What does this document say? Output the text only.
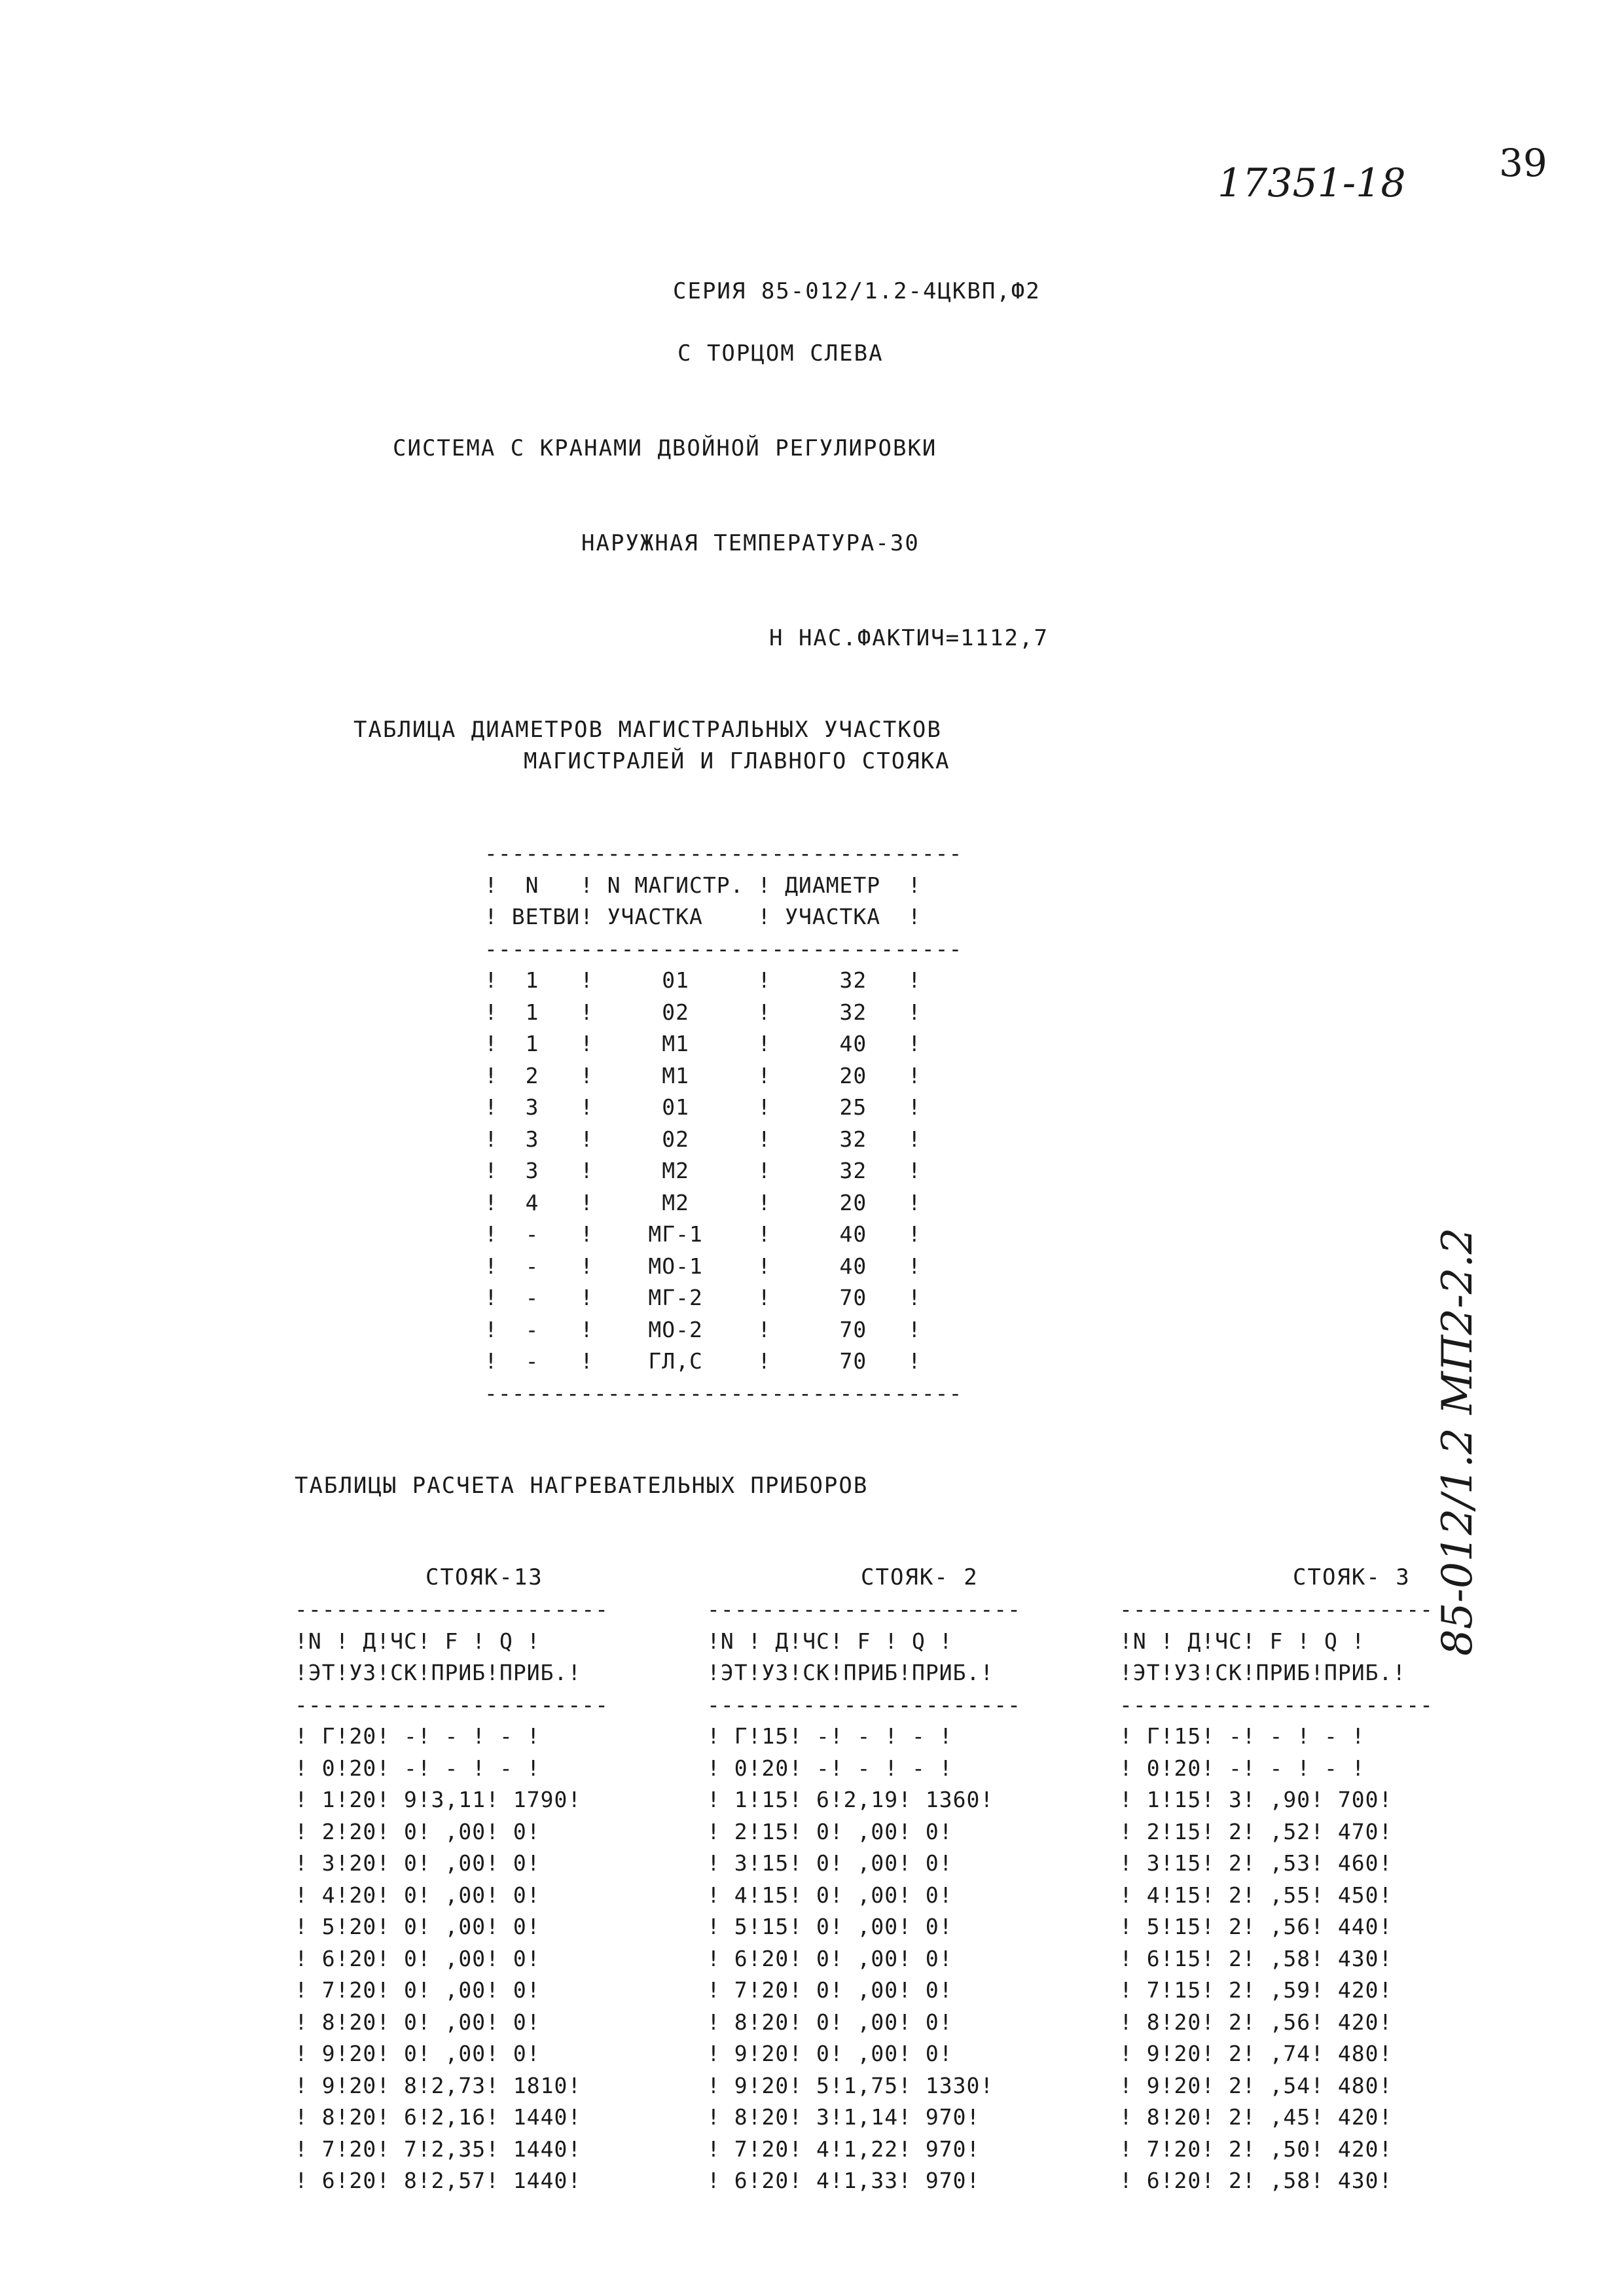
17351-18 39
СЕРИЯ 85-012/1.2-4ЦКВП,Ф2
С ТОРЦОМ СЛЕВА
СИСТЕМА С КРАНАМИ ДВОЙНОЙ РЕГУЛИРОВКИ
НАРУЖНАЯ ТЕМПЕРАТУРА-30
Н НАС.ФАКТИЧ=1112,7
ТАБЛИЦА ДИАМЕТРОВ МАГИСТРАЛЬНЫХ УЧАСТКОВ
МАГИСТРАЛЕЙ И ГЛАВНОГО СТОЯКА
-----------------------------------
!  N   ! N МАГИСТР. ! ДИАМЕТР  !
! ВЕТВИ! УЧАСТКА    ! УЧАСТКА  !
-----------------------------------
!  1   !     01     !     32   !
!  1   !     02     !     32   !
!  1   !     М1     !     40   !
!  2   !     М1     !     20   !
!  3   !     01     !     25   !
!  3   !     02     !     32   !
!  3   !     М2     !     32   !
!  4   !     М2     !     20   !
!  -   !    МГ-1    !     40   !
!  -   !    МО-1    !     40   !
!  -   !    МГ-2    !     70   !
!  -   !    МО-2    !     70   !
!  -   !    ГЛ,С    !     70   !
-----------------------------------
ТАБЛИЦЫ РАСЧЕТА НАГРЕВАТЕЛЬНЫХ ПРИБОРОВ
СТОЯК-13	СТОЯК- 2	СТОЯК- 3
-----------------------
!N ! Д!ЧС! F ! Q !
!ЭТ!УЗ!СК!ПРИБ!ПРИБ.!
-----------------------
! Г!20! -! - ! - !
! 0!20! -! - ! - !
! 1!20! 9!3,11! 1790!
! 2!20! 0! ,00! 0!
! 3!20! 0! ,00! 0!
! 4!20! 0! ,00! 0!
! 5!20! 0! ,00! 0!
! 6!20! 0! ,00! 0!
! 7!20! 0! ,00! 0!
! 8!20! 0! ,00! 0!
! 9!20! 0! ,00! 0!
! 9!20! 8!2,73! 1810!
! 8!20! 6!2,16! 1440!
! 7!20! 7!2,35! 1440!
! 6!20! 8!2,57! 1440!
-----------------------
!N ! Д!ЧС! F ! Q !
!ЭТ!УЗ!СК!ПРИБ!ПРИБ.!
-----------------------
! Г!15! -! - ! - !
! 0!20! -! - ! - !
! 1!15! 6!2,19! 1360!
! 2!15! 0! ,00! 0!
! 3!15! 0! ,00! 0!
! 4!15! 0! ,00! 0!
! 5!15! 0! ,00! 0!
! 6!20! 0! ,00! 0!
! 7!20! 0! ,00! 0!
! 8!20! 0! ,00! 0!
! 9!20! 0! ,00! 0!
! 9!20! 5!1,75! 1330!
! 8!20! 3!1,14! 970!
! 7!20! 4!1,22! 970!
! 6!20! 4!1,33! 970!
-----------------------
!N ! Д!ЧС! F ! Q !
!ЭТ!УЗ!СК!ПРИБ!ПРИБ.!
-----------------------
! Г!15! -! - ! - !
! 0!20! -! - ! - !
! 1!15! 3! ,90! 700!
! 2!15! 2! ,52! 470!
! 3!15! 2! ,53! 460!
! 4!15! 2! ,55! 450!
! 5!15! 2! ,56! 440!
! 6!15! 2! ,58! 430!
! 7!15! 2! ,59! 420!
! 8!20! 2! ,56! 420!
! 9!20! 2! ,74! 480!
! 9!20! 2! ,54! 480!
! 8!20! 2! ,45! 420!
! 7!20! 2! ,50! 420!
! 6!20! 2! ,58! 430!
85-012/1.2 МП2-2.2
